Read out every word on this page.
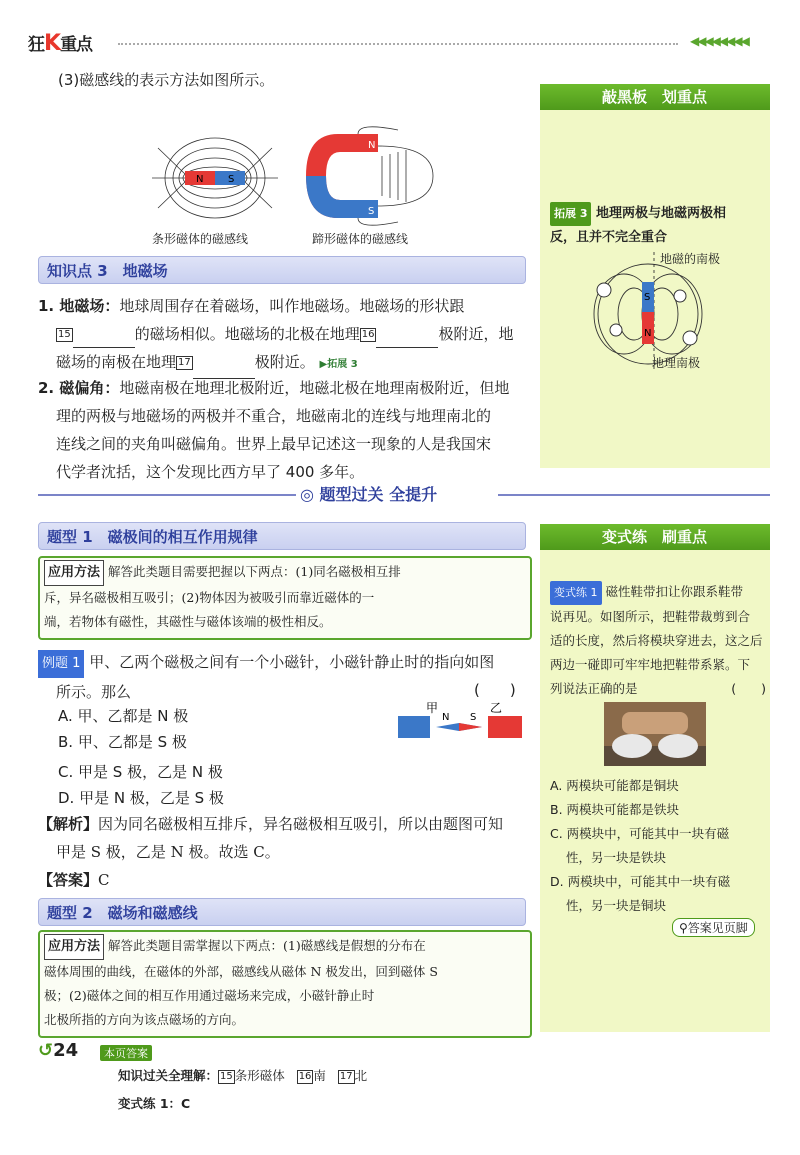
狂K重点	◀◀◀◀◀◀◀◀
(3)磁感线的表示方法如图所示。
N S
条形磁体的磁感线
N
S
蹄形磁体的磁感线
知识点 3　地磁场
1. 地磁场：地球周围存在着磁场，叫作地磁场。地磁场的形状跟
15	的磁场相似。地磁场的北极在地理 16	极附近，地
磁场的南极在地理 17	极附近。 ▶拓展 3
2. 磁偏角：地磁南极在地理北极附近，地磁北极在地理南极附近，但地
理的两极与地磁场的两极并不重合，地磁南北的连线与地理南北的
连线之间的夹角叫磁偏角。世界上最早记述这一现象的人是我国宋
代学者沈括，这个发现比西方早了 400 多年。
敲黑板　划重点
拓展 3 地理两极与地磁两极相
反，且并不完全重合
S
N
地磁的南极
地理南极
◎ 题型过关 全提升
题型 1　磁极间的相互作用规律
应用方法 解答此类题目需要把握以下两点：(1)同名磁极相互排
斥，异名磁极相互吸引；(2)物体因为被吸引而靠近磁体的一
端，若物体有磁性，其磁性与磁体该端的极性相反。
例题 1 甲、乙两个磁极之间有一个小磁针，小磁针静止时的指向如图
所示。那么	(　　)
A. 甲、乙都是 N 极
B. 甲、乙都是 S 极
C. 甲是 S 极，乙是 N 极
D. 甲是 N 极，乙是 S 极
甲	乙
N S
【解析】因为同名磁极相互排斥，异名磁极相互吸引，所以由题图可知
甲是 S 极，乙是 N 极。故选 C。
【答案】C
题型 2　磁场和磁感线
应用方法 解答此类题目需掌握以下两点：(1)磁感线是假想的分布在
磁体周围的曲线，在磁体的外部，磁感线从磁体 N 极发出，回到磁体 S
极；(2)磁体之间的相互作用通过磁场来完成，小磁针静止时
北极所指的方向为该点磁场的方向。
变式练　刷重点
变式练 1 磁性鞋带扣让你跟系鞋带
说再见。如图所示，把鞋带裁剪到合
适的长度，然后将模块穿进去，这之后
两边一碰即可牢牢地把鞋带系紧。下
列说法正确的是	(　　)
A. 两模块可能都是铜块
B. 两模块可能都是铁块
C. 两模块中，可能其中一块有磁
性，另一块是铁块
D. 两模块中，可能其中一块有磁
性，另一块是铜块
⚲答案见页脚
↺24	本页答案
知识过关全理解： 15 条形磁体 16 南 17 北
变式练 1：C
